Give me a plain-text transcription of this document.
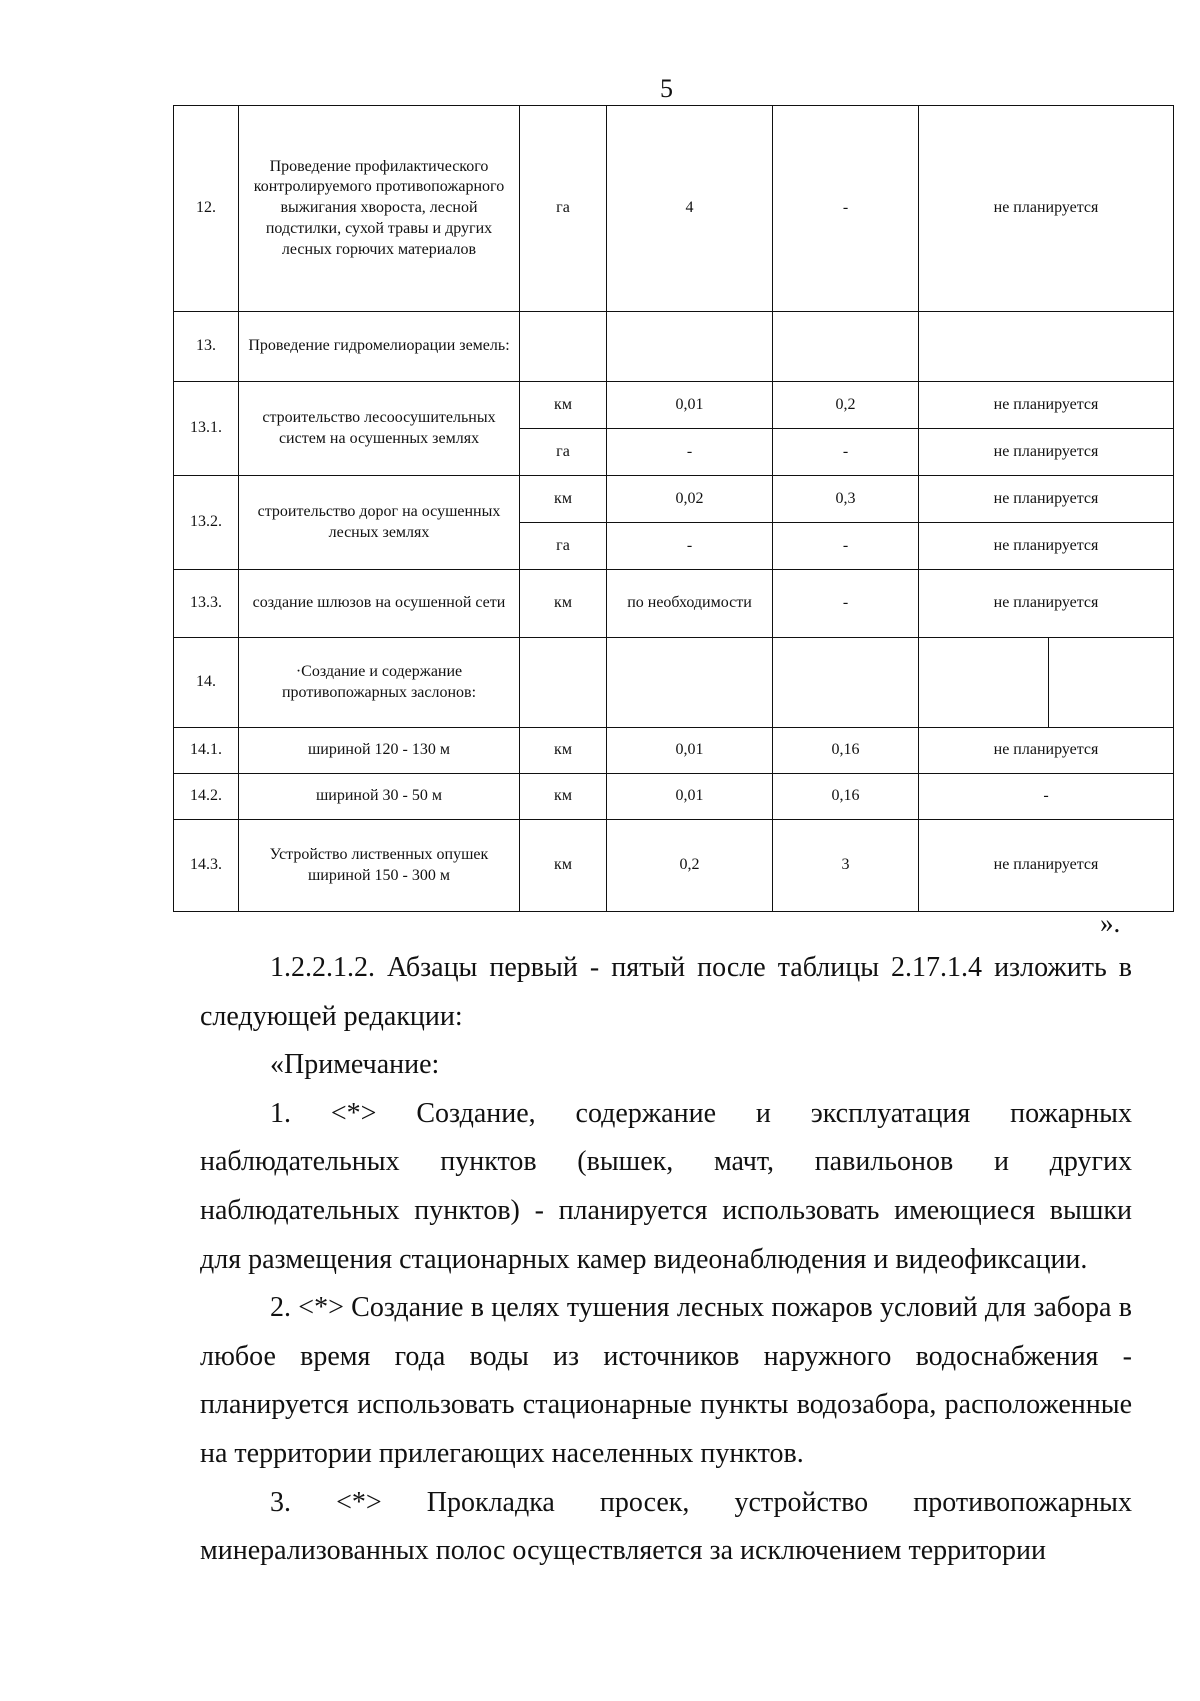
5
12.	Проведение профилактического контролируемого противопожарного выжигания хвороста, лесной подстилки, сухой травы и других лесных горючих материалов	га	4	-	не планируется	
13.	Проведение гидромелиорации земель:					
13.1.	строительство лесоосушительных систем на осушенных землях	км	0,01	0,2	не планируется	
		га	-	-	не планируется	
13.2.	строительство дорог на осушенных лесных землях	км	0,02	0,3	не планируется	
		га	-	-	не планируется	
13.3.	создание шлюзов на осушенной сети	км	по необходимости	-	не планируется	
14.	·Создание и содержание противопожарных заслонов:					
14.1.	шириной 120 - 130 м	км	0,01	0,16	не планируется	
14.2.	шириной 30 - 50 м	км	0,01	0,16	-	
14.3.	Устройство лиственных опушек шириной 150 - 300 м	км	0,2	3	не планируется	
».

1.2.2.1.2. Абзацы первый - пятый после таблицы 2.17.1.4 изложить в следующей редакции:

«Примечание:

1. <*> Создание, содержание и эксплуатация пожарных наблюдательных пунктов (вышек, мачт, павильонов и других наблюдательных пунктов) - планируется использовать имеющиеся вышки для размещения стационарных камер видеонаблюдения и видеофиксации.

2. <*> Создание в целях тушения лесных пожаров условий для забора в любое время года воды из источников наружного водоснабжения - планируется использовать стационарные пункты водозабора, расположенные на территории прилегающих населенных пунктов.

3. <*> Прокладка просек, устройство противопожарных минерализованных полос осуществляется за исключением территории
